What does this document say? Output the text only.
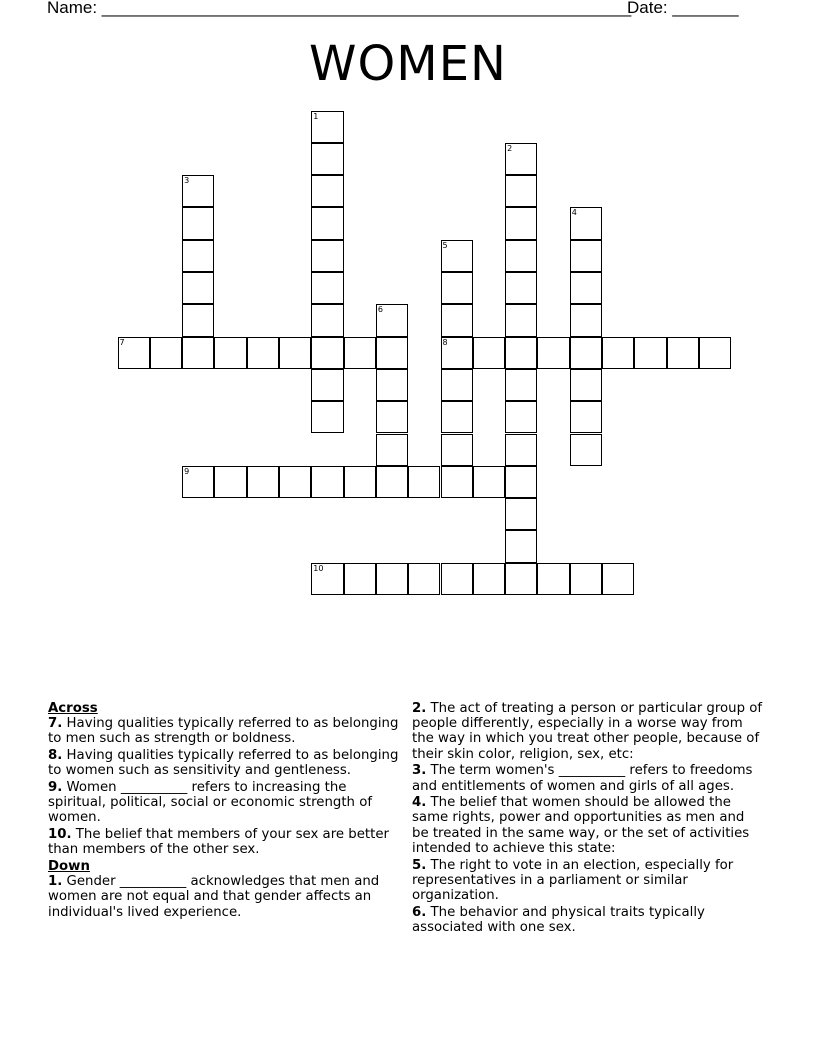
Name: ________________________________________________________
Date: _______
WOMEN
1
2
3
4
5
8
6
7
9
10
Across
7. Having qualities typically referred to as belonging to men such as strength or boldness.
8. Having qualities typically referred to as belonging to women such as sensitivity and gentleness.
9. Women __________ refers to increasing the spiritual, political, social or economic strength of women.
10. The belief that members of your sex are better than members of the other sex.
Down
1. Gender __________ acknowledges that men and women are not equal and that gender affects an individual's lived experience.
2. The act of treating a person or particular group of people differently, especially in a worse way from the way in which you treat other people, because of their skin color, religion, sex, etc:
3. The term women's __________ refers to freedoms and entitlements of women and girls of all ages.
4. The belief that women should be allowed the same rights, power and opportunities as men and be treated in the same way, or the set of activities intended to achieve this state:
5. The right to vote in an election, especially for representatives in a parliament or similar organization.
6. The behavior and physical traits typically associated with one sex.
